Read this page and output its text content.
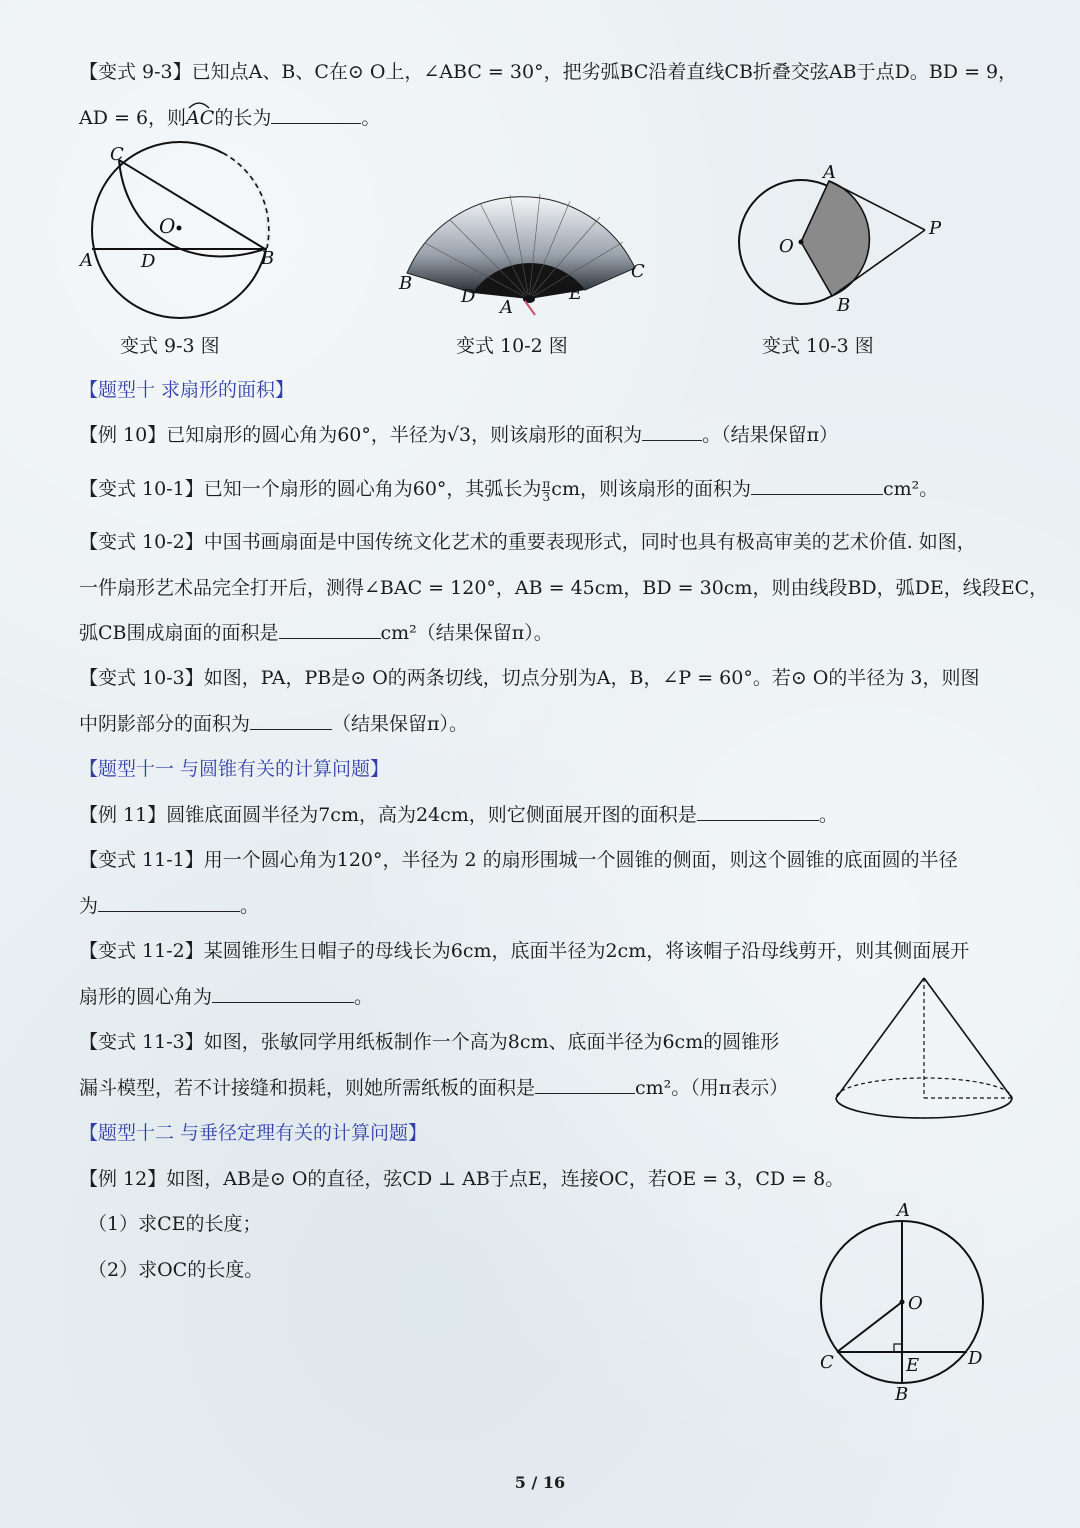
【变式 9-3】已知点A、B、C在⊙ O上，∠ABC = 30°，把劣弧BC沿着直线CB折叠交弦AB于点D。BD = 9，
AD = 6，则
AC的长为	。
C
O
A	D	B
B
D
A
E
C
A
O
P
B
变式 9-3 图	变式 10-2 图	变式 10-3 图
【题型十 求扇形的面积】
【例 10】已知扇形的圆心角为60°，半径为√3，则该扇形的面积为	。（结果保留π）
【变式 10-1】已知一个扇形的圆心角为60°，其弧长为 $\frac{\pi}{3}$ cm，则该扇形的面积为	cm²。
【变式 10-2】中国书画扇面是中国传统文化艺术的重要表现形式，同时也具有极高审美的艺术价值. 如图，
一件扇形艺术品完全打开后，测得∠BAC = 120°，AB = 45cm，BD = 30cm，则由线段BD，弧DE，线段EC，
弧CB围成扇面的面积是	cm²（结果保留π）。
【变式 10-3】如图，PA，PB是⊙ O的两条切线，切点分别为A，B，∠P = 60°。若⊙ O的半径为 3，则图
中阴影部分的面积为	（结果保留π）。
【题型十一 与圆锥有关的计算问题】
【例 11】圆锥底面圆半径为7cm，高为24cm，则它侧面展开图的面积是	。
【变式 11-1】用一个圆心角为120°，半径为 2 的扇形围城一个圆锥的侧面，则这个圆锥的底面圆的半径
为	。
【变式 11-2】某圆锥形生日帽子的母线长为6cm，底面半径为2cm，将该帽子沿母线剪开，则其侧面展开
扇形的圆心角为	。
【变式 11-3】如图，张敏同学用纸板制作一个高为8cm、底面半径为6cm的圆锥形
漏斗模型，若不计接缝和损耗，则她所需纸板的面积是	cm²。（用π表示）
【题型十二 与垂径定理有关的计算问题】
【例 12】如图，AB是⊙ O的直径，弦CD ⊥ AB于点E，连接OC，若OE = 3，CD = 8。
（1）求CE的长度；
（2）求OC的长度。
A
O
C	E	D
B
5 / 16
